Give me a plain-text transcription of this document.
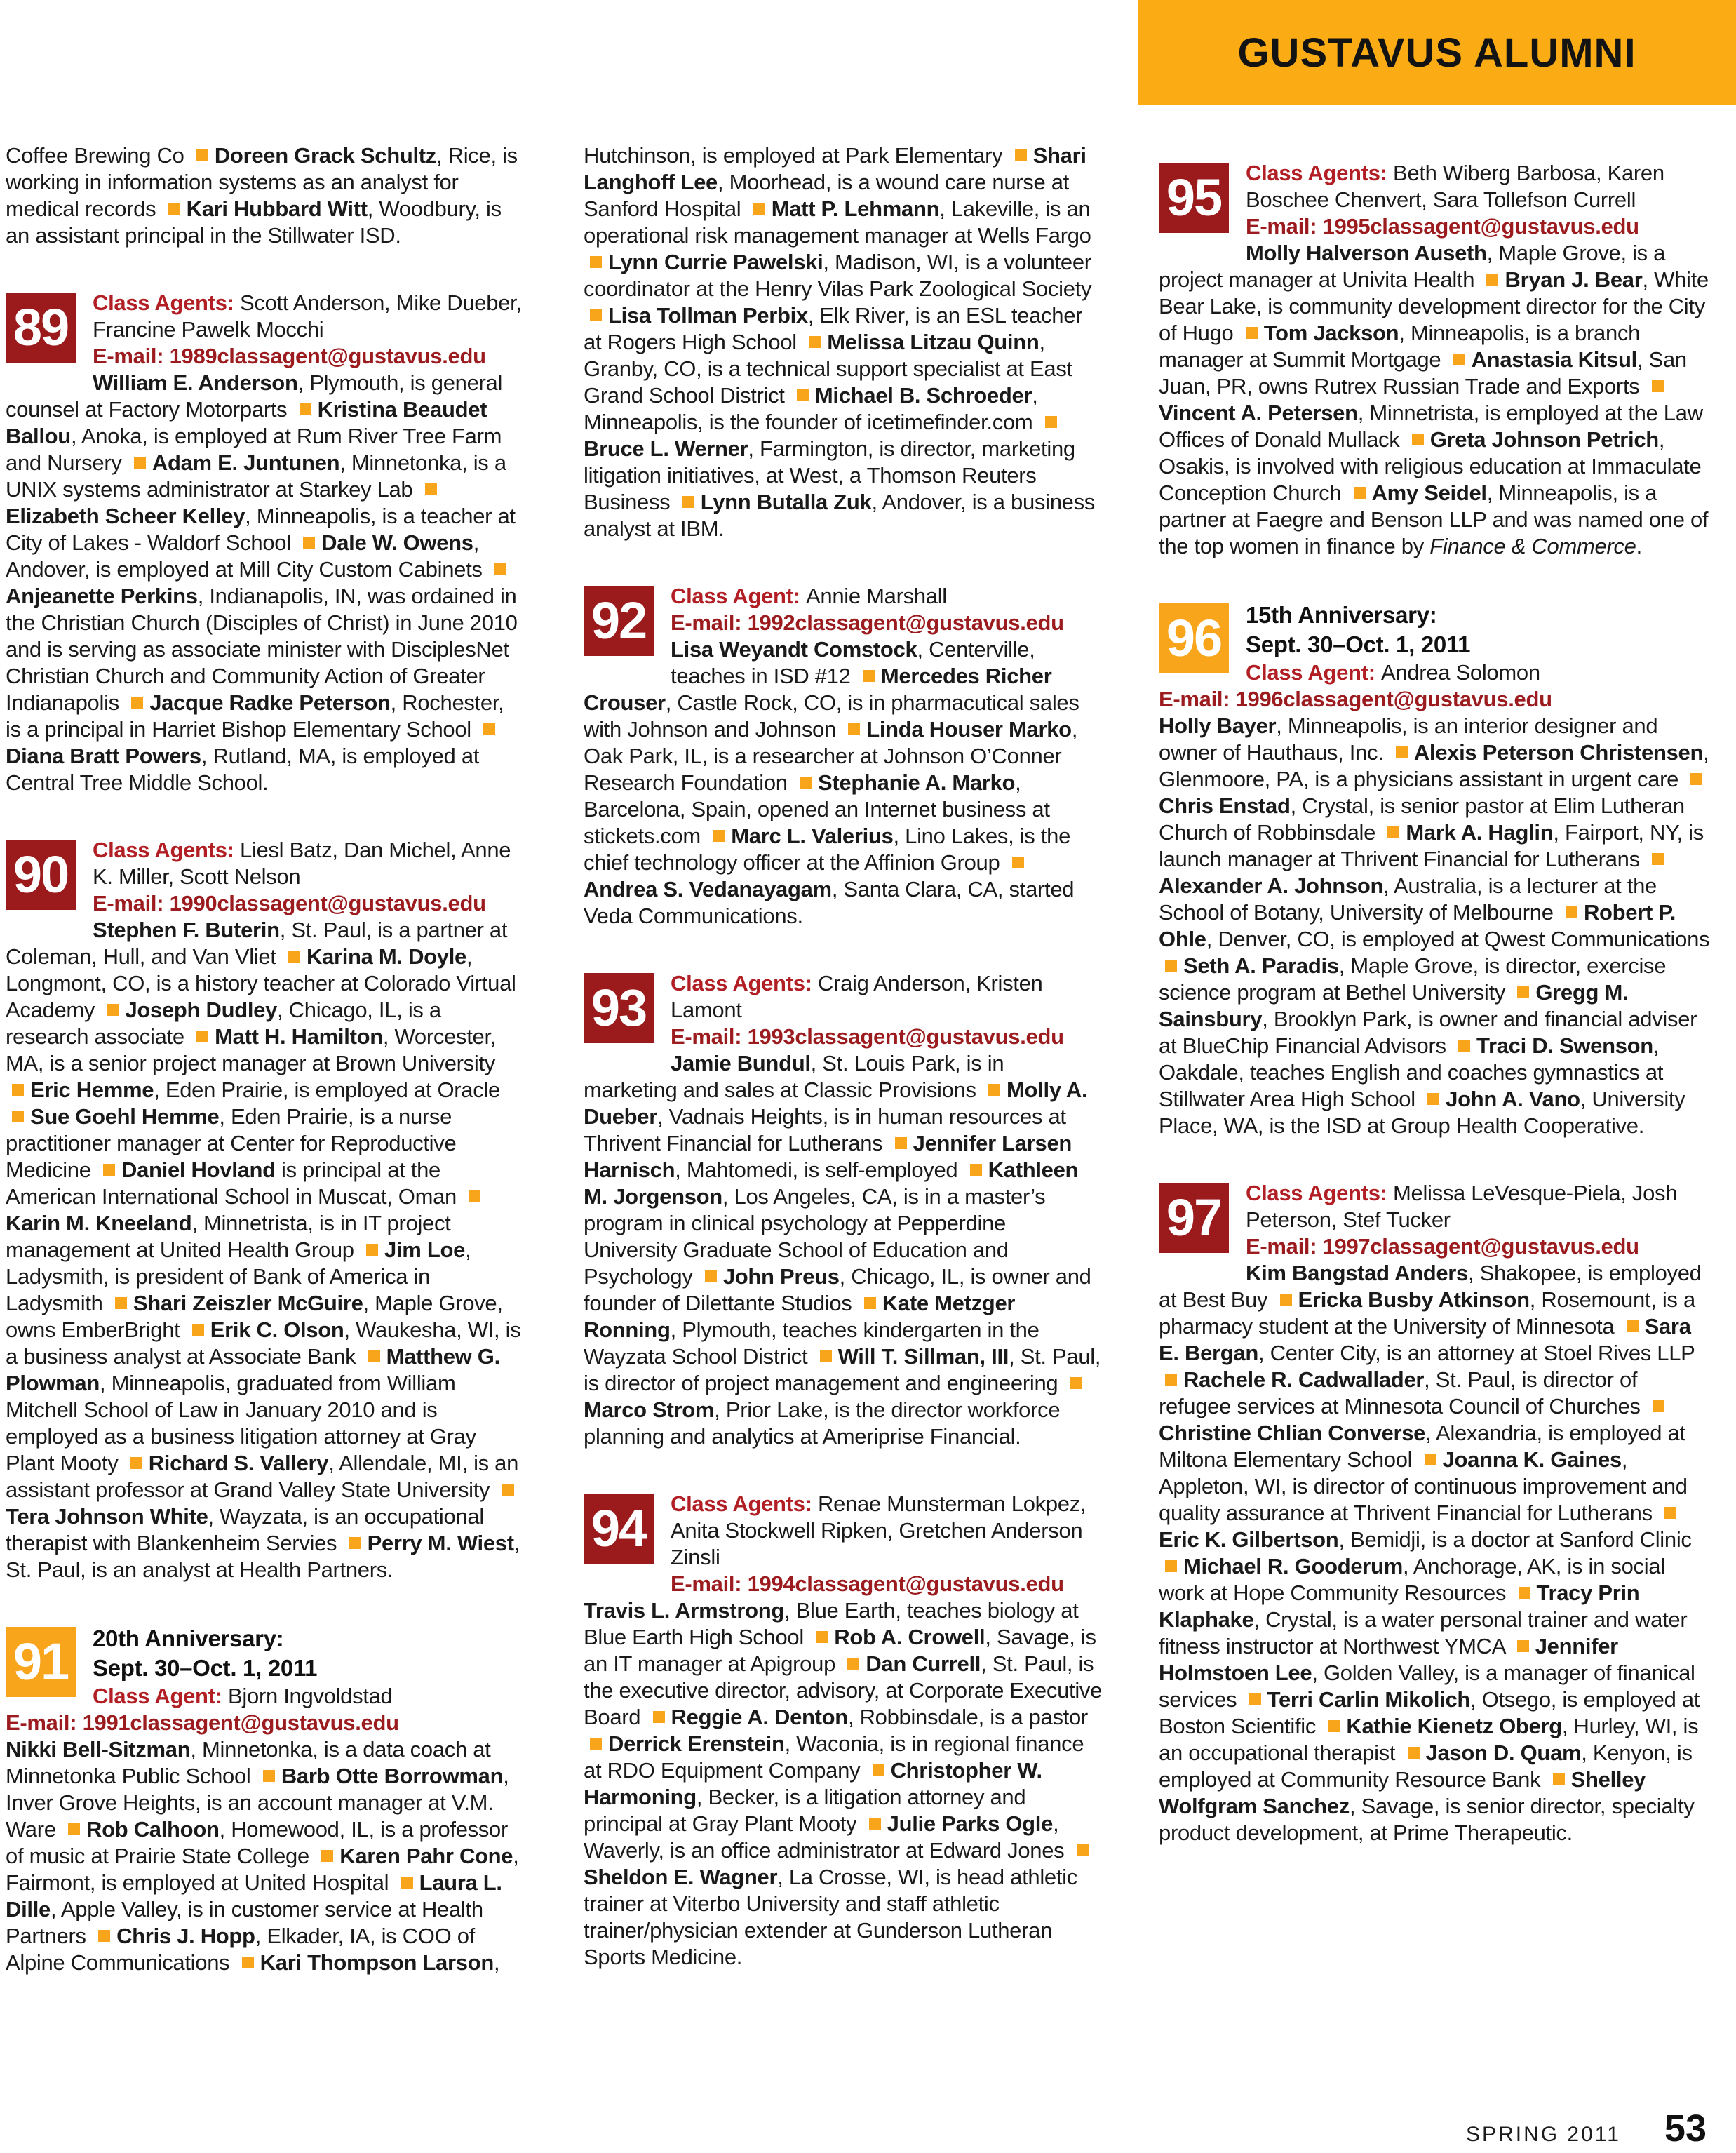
GUSTAVUS ALUMNI

Coffee Brewing Co Doreen Grack Schultz, Rice, is working in information systems as an analyst for medical records Kari Hubbard Witt, Woodbury, is an assistant principal in the Stillwater ISD.

89	Class Agents: Scott Anderson, Mike Dueber, Francine Pawelk Mocchi

E-mail: 1989classagent@gustavus.edu

William E. Anderson, Plymouth, is general counsel at Factory Motorparts Kristina Beaudet Ballou, Anoka, is employed at Rum River Tree Farm and Nursery Adam E. Juntunen, Minnetonka, is a UNIX systems administrator at Starkey Lab Elizabeth Scheer Kelley, Minneapolis, is a teacher at City of Lakes - Waldorf School Dale W. Owens, Andover, is employed at Mill City Custom Cabinets Anjeanette Perkins, Indianapolis, IN, was ordained in the Christian Church (Disciples of Christ) in June 2010 and is serving as associate minister with DisciplesNet Christian Church and Community Action of Greater Indianapolis Jacque Radke Peterson, Rochester, is a principal in Harriet Bishop Elementary School Diana Bratt Powers, Rutland, MA, is employed at Central Tree Middle School.

90	Class Agents: Liesl Batz, Dan Michel, Anne K. Miller, Scott Nelson

E-mail: 1990classagent@gustavus.edu

Stephen F. Buterin, St. Paul, is a partner at Coleman, Hull, and Van Vliet Karina M. Doyle, Longmont, CO, is a history teacher at Colorado Virtual Academy Joseph Dudley, Chicago, IL, is a research associate Matt H. Hamilton, Worcester, MA, is a senior project manager at Brown University Eric Hemme, Eden Prairie, is employed at Oracle Sue Goehl Hemme, Eden Prairie, is a nurse practitioner manager at Center for Reproductive Medicine Daniel Hovland is principal at the American International School in Muscat, Oman Karin M. Kneeland, Minnetrista, is in IT project management at United Health Group Jim Loe, Ladysmith, is president of Bank of America in Ladysmith Shari Zeiszler McGuire, Maple Grove, owns EmberBright Erik C. Olson, Waukesha, WI, is a business analyst at Associate Bank Matthew G. Plowman, Minneapolis, graduated from William Mitchell School of Law in January 2010 and is employed as a business litigation attorney at Gray Plant Mooty Richard S. Vallery, Allendale, MI, is an assistant professor at Grand Valley State University Tera Johnson White, Wayzata, is an occupational therapist with Blankenheim Servies Perry M. Wiest, St. Paul, is an analyst at Health Partners.

91	20th Anniversary:
Sept. 30–Oct. 1, 2011

Class Agent: Bjorn Ingvoldstad

E-mail: 1991classagent@gustavus.edu

Nikki Bell-Sitzman, Minnetonka, is a data coach at Minnetonka Public School Barb Otte Borrowman, Inver Grove Heights, is an account manager at V.M. Ware Rob Calhoon, Homewood, IL, is a professor of music at Prairie State College Karen Pahr Cone, Fairmont, is employed at United Hospital Laura L. Dille, Apple Valley, is in customer service at Health Partners Chris J. Hopp, Elkader, IA, is COO of Alpine Communications Kari Thompson Larson,

Hutchinson, is employed at Park Elementary Shari Langhoff Lee, Moorhead, is a wound care nurse at Sanford Hospital Matt P. Lehmann, Lakeville, is an operational risk management manager at Wells Fargo Lynn Currie Pawelski, Madison, WI, is a volunteer coordinator at the Henry Vilas Park Zoological Society Lisa Tollman Perbix, Elk River, is an ESL teacher at Rogers High School Melissa Litzau Quinn, Granby, CO, is a technical support specialist at East Grand School District Michael B. Schroeder, Minneapolis, is the founder of icetimefinder.com Bruce L. Werner, Farmington, is director, marketing litigation initiatives, at West, a Thomson Reuters Business Lynn Butalla Zuk, Andover, is a business analyst at IBM.

92	Class Agent: Annie Marshall

E-mail: 1992classagent@gustavus.edu

Lisa Weyandt Comstock, Centerville, teaches in ISD #12 Mercedes Richer Crouser, Castle Rock, CO, is in pharmacutical sales with Johnson and Johnson Linda Houser Marko, Oak Park, IL, is a researcher at Johnson O’Conner Research Foundation Stephanie A. Marko, Barcelona, Spain, opened an Internet business at stickets.com Marc L. Valerius, Lino Lakes, is the chief technology officer at the Affinion Group Andrea S. Vedanayagam, Santa Clara, CA, started Veda Communications.

93	Class Agents: Craig Anderson, Kristen Lamont

E-mail: 1993classagent@gustavus.edu

Jamie Bundul, St. Louis Park, is in marketing and sales at Classic Provisions Molly A. Dueber, Vadnais Heights, is in human resources at Thrivent Financial for Lutherans Jennifer Larsen Harnisch, Mahtomedi, is self-employed Kathleen M. Jorgenson, Los Angeles, CA, is in a master’s program in clinical psychology at Pepperdine University Graduate School of Education and Psychology John Preus, Chicago, IL, is owner and founder of Dilettante Studios Kate Metzger Ronning, Plymouth, teaches kindergarten in the Wayzata School District Will T. Sillman, III, St. Paul, is director of project management and engineering Marco Strom, Prior Lake, is the director workforce planning and analytics at Ameriprise Financial.

94	Class Agents: Renae Munsterman Lokpez, Anita Stockwell Ripken, Gretchen Anderson Zinsli

E-mail: 1994classagent@gustavus.edu

Travis L. Armstrong, Blue Earth, teaches biology at Blue Earth High School Rob A. Crowell, Savage, is an IT manager at Apigroup Dan Currell, St. Paul, is the executive director, advisory, at Corporate Executive Board Reggie A. Denton, Robbinsdale, is a pastor Derrick Erenstein, Waconia, is in regional finance at RDO Equipment Company Christopher W. Harmoning, Becker, is a litigation attorney and principal at Gray Plant Mooty Julie Parks Ogle, Waverly, is an office administrator at Edward Jones Sheldon E. Wagner, La Crosse, WI, is head athletic trainer at Viterbo University and staff athletic trainer/physician extender at Gunderson Lutheran Sports Medicine.

95	Class Agents: Beth Wiberg Barbosa, Karen Boschee Chenvert, Sara Tollefson Currell

E-mail: 1995classagent@gustavus.edu

Molly Halverson Auseth, Maple Grove, is a project manager at Univita Health Bryan J. Bear, White Bear Lake, is community development director for the City of Hugo Tom Jackson, Minneapolis, is a branch manager at Summit Mortgage Anastasia Kitsul, San Juan, PR, owns Rutrex Russian Trade and Exports Vincent A. Petersen, Minnetrista, is employed at the Law Offices of Donald Mullack Greta Johnson Petrich, Osakis, is involved with religious education at Immaculate Conception Church Amy Seidel, Minneapolis, is a partner at Faegre and Benson LLP and was named one of the top women in finance by Finance & Commerce.

96	15th Anniversary:
Sept. 30–Oct. 1, 2011

Class Agent: Andrea Solomon

E-mail: 1996classagent@gustavus.edu

Holly Bayer, Minneapolis, is an interior designer and owner of Hauthaus, Inc. Alexis Peterson Christensen, Glenmoore, PA, is a physicians assistant in urgent care Chris Enstad, Crystal, is senior pastor at Elim Lutheran Church of Robbinsdale Mark A. Haglin, Fairport, NY, is launch manager at Thrivent Financial for Lutherans Alexander A. Johnson, Australia, is a lecturer at the School of Botany, University of Melbourne Robert P. Ohle, Denver, CO, is employed at Qwest Communications Seth A. Paradis, Maple Grove, is director, exercise science program at Bethel University Gregg M. Sainsbury, Brooklyn Park, is owner and financial adviser at BlueChip Financial Advisors Traci D. Swenson, Oakdale, teaches English and coaches gymnastics at Stillwater Area High School John A. Vano, University Place, WA, is the ISD at Group Health Cooperative.

97	Class Agents: Melissa LeVesque-Piela, Josh Peterson, Stef Tucker

E-mail: 1997classagent@gustavus.edu

Kim Bangstad Anders, Shakopee, is employed at Best Buy Ericka Busby Atkinson, Rosemount, is a pharmacy student at the University of Minnesota Sara E. Bergan, Center City, is an attorney at Stoel Rives LLP Rachele R. Cadwallader, St. Paul, is director of refugee services at Minnesota Council of Churches Christine Chlian Converse, Alexandria, is employed at Miltona Elementary School Joanna K. Gaines, Appleton, WI, is director of continuous improvement and quality assurance at Thrivent Financial for Lutherans Eric K. Gilbertson, Bemidji, is a doctor at Sanford Clinic Michael R. Gooderum, Anchorage, AK, is in social work at Hope Community Resources Tracy Prin Klaphake, Crystal, is a water personal trainer and water fitness instructor at Northwest YMCA Jennifer Holmstoen Lee, Golden Valley, is a manager of finanical services Terri Carlin Mikolich, Otsego, is employed at Boston Scientific Kathie Kienetz Oberg, Hurley, WI, is an occupational therapist Jason D. Quam, Kenyon, is employed at Community Resource Bank Shelley Wolfgram Sanchez, Savage, is senior director, specialty product development, at Prime Therapeutic.

SPRING 2011 53
